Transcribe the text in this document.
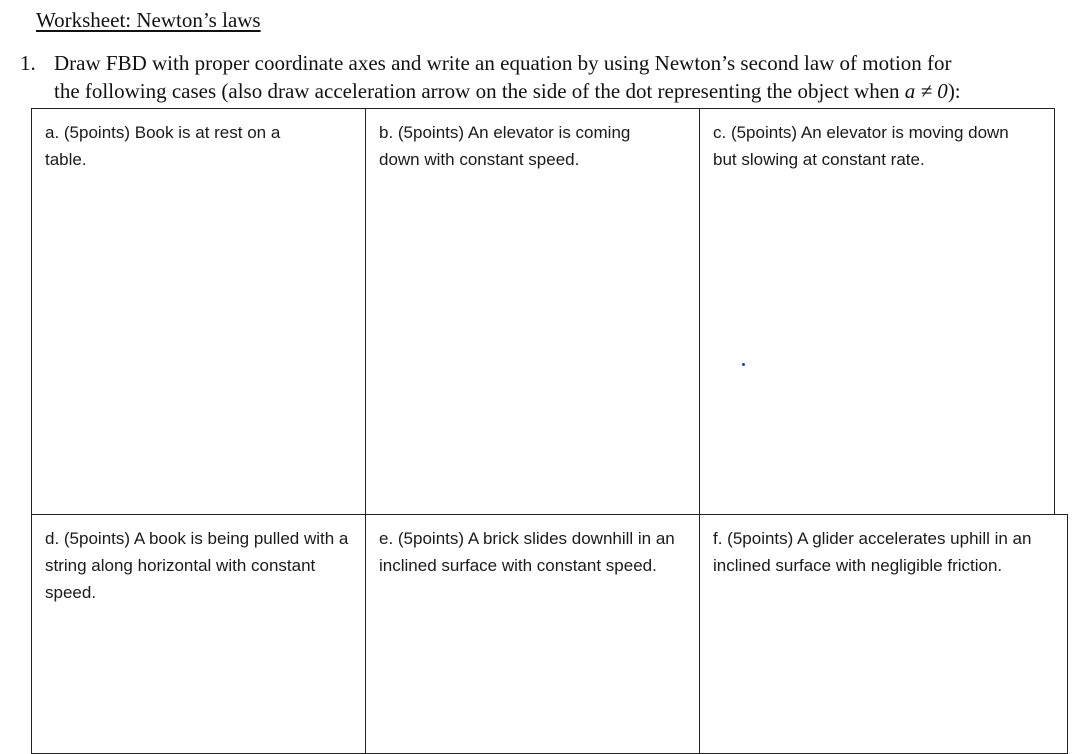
Worksheet: Newton’s laws
1. Draw FBD with proper coordinate axes and write an equation by using Newton’s second law of motion for
the following cases (also draw acceleration arrow on the side of the dot representing the object when a ≠ 0):
a. (5points) Book is at rest on a table.
b. (5points) An elevator is coming down with constant speed.
c. (5points) An elevator is moving down but slowing at constant rate.
d. (5points) A book is being pulled with a string along horizontal with constant speed.
e. (5points) A brick slides downhill in an inclined surface with constant speed.
f. (5points) A glider accelerates uphill in an inclined surface with negligible friction.
